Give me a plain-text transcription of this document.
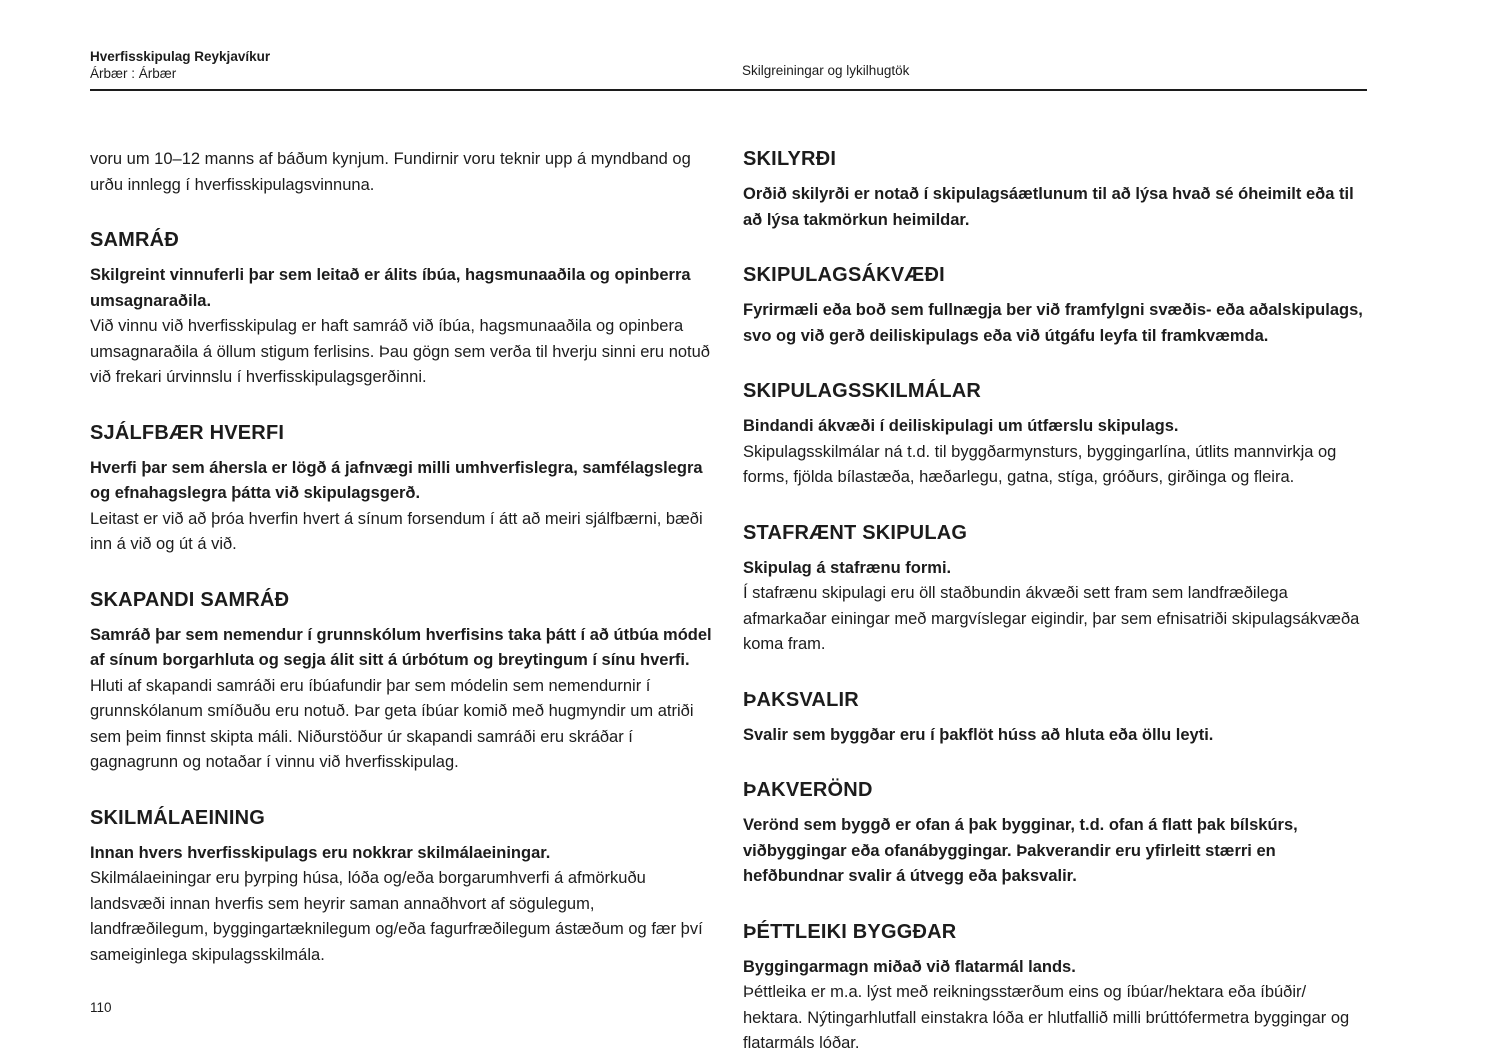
Hverfisskipulag Reykjavíkur
Árbær : Árbær	Skilgreiningar og lykilhugtök

voru um 10–12 manns af báðum kynjum. Fundirnir voru teknir upp á myndband og urðu innlegg í hverfisskipulagsvinnuna.

SAMRÁÐ

Skilgreint vinnuferli þar sem leitað er álits íbúa, hagsmunaaðila og opinberra umsagnaraðila.

Við vinnu við hverfisskipulag er haft samráð við íbúa, hagsmunaaðila og opinbera umsagnaraðila á öllum stigum ferlisins. Þau gögn sem verða til hverju sinni eru notuð við frekari úrvinnslu í hverfisskipulagsgerðinni.

SJÁLFBÆR HVERFI

Hverfi þar sem áhersla er lögð á jafnvægi milli umhverfislegra, samfélagslegra og efnahagslegra þátta við skipulagsgerð.

Leitast er við að þróa hverfin hvert á sínum forsendum í átt að meiri sjálfbærni, bæði inn á við og út á við.

SKAPANDI SAMRÁÐ

Samráð þar sem nemendur í grunnskólum hverfisins taka þátt í að útbúa módel af sínum borgarhluta og segja álit sitt á úrbótum og breytingum í sínu hverfi.

Hluti af skapandi samráði eru íbúafundir þar sem módelin sem nemendurnir í grunnskólanum smíðuðu eru notuð. Þar geta íbúar komið með hugmyndir um atriði sem þeim finnst skipta máli. Niðurstöður úr skapandi samráði eru skráðar í gagnagrunn og notaðar í vinnu við hverfisskipulag.

SKILMÁLAEINING

Innan hvers hverfisskipulags eru nokkrar skilmálaeiningar.

Skilmálaeiningar eru þyrping húsa, lóða og/eða borgarumhverfi á afmörkuðu landsvæði innan hverfis sem heyrir saman annaðhvort af sögulegum, landfræðilegum, byggingartæknilegum og/eða fagurfræðilegum ástæðum og fær því sameiginlega skipulagsskilmála.

SKILYRÐI

Orðið skilyrði er notað í skipulagsáætlunum til að lýsa hvað sé óheimilt eða til að lýsa takmörkun heimildar.

SKIPULAGSÁKVÆÐI

Fyrirmæli eða boð sem fullnægja ber við framfylgni svæðis- eða aðalskipulags, svo og við gerð deiliskipulags eða við útgáfu leyfa til framkvæmda.

SKIPULAGSSKILMÁLAR

Bindandi ákvæði í deiliskipulagi um útfærslu skipulags.

Skipulagsskilmálar ná t.d. til byggðarmynsturs, byggingarlína, útlits mannvirkja og forms, fjölda bílastæða, hæðarlegu, gatna, stíga, gróðurs, girðinga og fleira.

STAFRÆNT SKIPULAG

Skipulag á stafrænu formi.

Í stafrænu skipulagi eru öll staðbundin ákvæði sett fram sem landfræðilega afmarkaðar einingar með margvíslegar eigindir, þar sem efnisatriði skipulagsákvæða koma fram.

ÞAKSVALIR

Svalir sem byggðar eru í þakflöt húss að hluta eða öllu leyti.

ÞAKVERÖND

Verönd sem byggð er ofan á þak bygginar, t.d. ofan á flatt þak bílskúrs, viðbyggingar eða ofanábyggingar. Þakverandir eru yfirleitt stærri en hefðbundnar svalir á útvegg eða þaksvalir.

ÞÉTTLEIKI BYGGÐAR

Byggingarmagn miðað við flatarmál lands.

Þéttleika er m.a. lýst með reikningsstærðum eins og íbúar/hektara eða íbúðir/ hektara. Nýtingarhlutfall einstakra lóða er hlutfallið milli brúttófermetra byggingar og flatarmáls lóðar.

110
